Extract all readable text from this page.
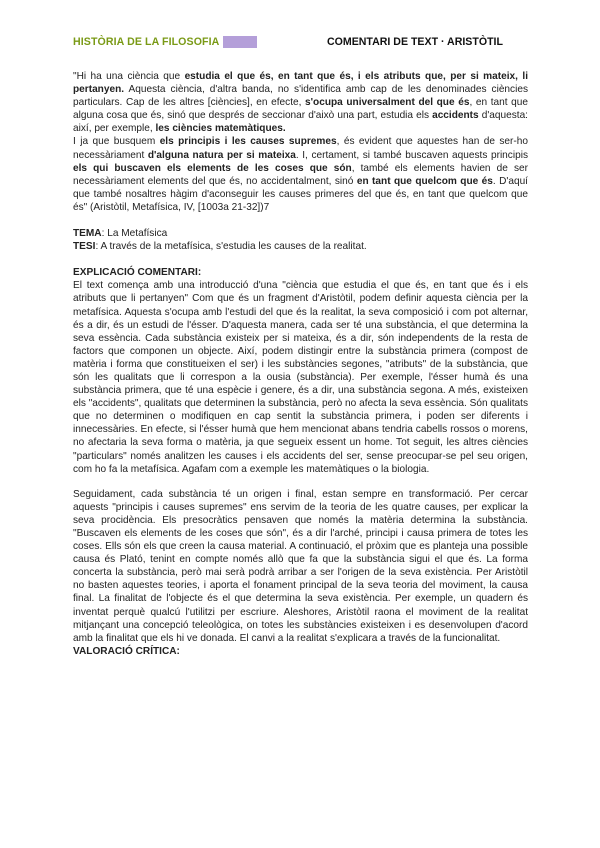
HISTÒRIA DE LA FILOSOFIA	COMENTARI DE TEXT · ARISTÒTIL

"Hi ha una ciència que estudia el que és, en tant que és, i els atributs que, per si mateix, li pertanyen. Aquesta ciència, d'altra banda, no s'identifica amb cap de les denominades ciències particulars. Cap de les altres [ciències], en efecte, s'ocupa universalment del que és, en tant que alguna cosa que és, sinó que després de seccionar d'això una part, estudia els accidents d'aquesta: així, per exemple, les ciències matemàtiques.

I ja que busquem els principis i les causes supremes, és evident que aquestes han de ser-ho necessàriament d'alguna natura per si mateixa. I, certament, si també buscaven aquests principis els qui buscaven els elements de les coses que són, també els elements havien de ser necessàriament elements del que és, no accidentalment, sinó en tant que quelcom que és. D'aquí que també nosaltres hàgim d'aconseguir les causes primeres del que és, en tant que quelcom que és" (Aristòtil, Metafísica, IV, [1003a 21-32])7

TEMA: La Metafísica

TESI: A través de la metafísica, s'estudia les causes de la realitat.

EXPLICACIÓ COMENTARI:

El text comença amb una introducció d'una "ciència que estudia el que és, en tant que és i els atributs que li pertanyen" Com que és un fragment d'Aristòtil, podem definir aquesta ciència per la metafísica. Aquesta s'ocupa amb l'estudi del que és la realitat, la seva composició i com pot alternar, és a dir, és un estudi de l'ésser. D'aquesta manera, cada ser té una substància, el que determina la seva essència. Cada substància existeix per si mateixa, és a dir, són independents de la resta de factors que componen un objecte. Així, podem distingir entre la substància primera (compost de matèria i forma que constitueixen el ser) i les substàncies segones, "atributs" de la substància, que són les qualitats que li correspon a la ousia (substància). Per exemple, l'ésser humà és una substància primera, que té una espècie i genere, és a dir, una substància segona. A més, existeixen els "accidents", qualitats que determinen la substància, però no afecta la seva essència. Són qualitats que no determinen o modifiquen en cap sentit la substància primera, i poden ser diferents i innecessàries. En efecte, si l'ésser humà que hem mencionat abans tendria cabells rossos o morens, no afectaria la seva forma o matèria, ja que segueix essent un home. Tot seguit, les altres ciències "particulars" només analitzen les causes i els accidents del ser, sense preocupar-se pel seu origen, com ho fa la metafísica. Agafam com a exemple les matemàtiques o la biologia.

Seguidament, cada substància té un origen i final, estan sempre en transformació. Per cercar aquests "principis i causes supremes" ens servim de la teoria de les quatre causes, per explicar la seva procidència. Els presocràtics pensaven que només la matèria determina la substància. "Buscaven els elements de les coses que són", és a dir l'arché, principi i causa primera de totes les coses. Ells són els que creen la causa material. A continuació, el pròxim que es planteja una possible causa és Plató, tenint en compte només allò que fa que la substància sigui el que és. La forma concerta la substància, però mai serà podrà arribar a ser l'origen de la seva existència. Per Aristòtil no basten aquestes teories, i aporta el fonament principal de la seva teoria del moviment, la causa final. La finalitat de l'objecte és el que determina la seva existència. Per exemple, un quadern és inventat perquè qualcú l'utilitzi per escriure. Aleshores, Aristòtil raona el moviment de la realitat mitjançant una concepció teleològica, on totes les substàncies existeixen i es desenvolupen d'acord amb la finalitat que els hi ve donada. El canvi a la realitat s'explicara a través de la funcionalitat.

VALORACIÓ CRÍTICA:
